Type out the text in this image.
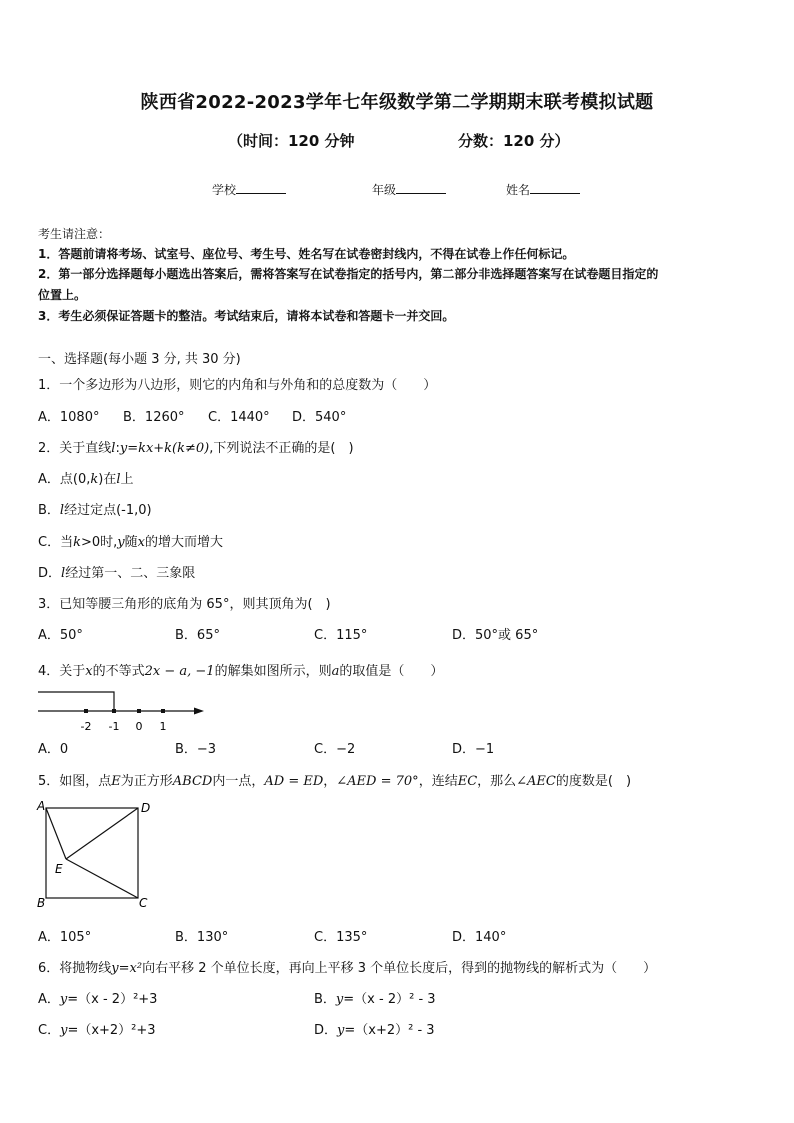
陕西省2022-2023学年七年级数学第二学期期末联考模拟试题
（时间：120 分钟	分数：120 分）
学校	年级	姓名
考生请注意：
1．答题前请将考场、试室号、座位号、考生号、姓名写在试卷密封线内，不得在试卷上作任何标记。
2．第一部分选择题每小题选出答案后，需将答案写在试卷指定的括号内，第二部分非选择题答案写在试卷题目指定的
位置上。
3．考生必须保证答题卡的整洁。考试结束后，请将本试卷和答题卡一并交回。
一、选择题(每小题 3 分, 共 30 分)
1．一个多边形为八边形，则它的内角和与外角和的总度数为（　　）
A．1080° B．1260° C．1440° D．540°
2．关于直线l:y=kx+k(k≠0),下列说法不正确的是(　)
A．点(0,k)在l上
B．l经过定点(-1,0)
C．当k>0时,y随x的增大而增大
D．l经过第一、二、三象限
3．已知等腰三角形的底角为 65°，则其顶角为(　)
A．50°	B．65°	C．115°	D．50°或 65°
4．关于x的不等式2x − a, −1的解集如图所示，则a的取值是（　　）
-2 -1 0 1
A．0	B．−3	C．−2	D．−1
5．如图，点E为正方形ABCD内一点，AD = ED，∠AED = 70°，连结EC，那么∠AEC的度数是(　)
A	D
E
B	C
A．105°	B．130°	C．135°	D．140°
6．将抛物线y=x²向右平移 2 个单位长度，再向上平移 3 个单位长度后，得到的抛物线的解析式为（　　）
A．y=（x - 2）²+3	B．y=（x - 2）² - 3
C．y=（x+2）²+3	D．y=（x+2）² - 3
